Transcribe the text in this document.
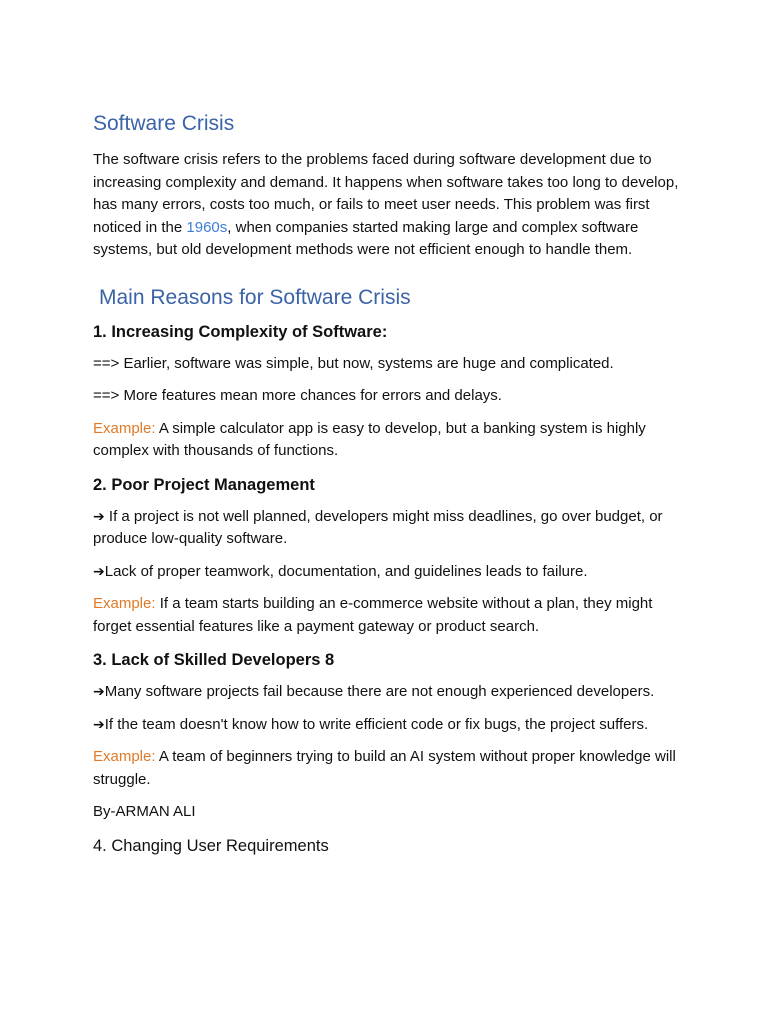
Software Crisis

The software crisis refers to the problems faced during software development due to increasing complexity and demand. It happens when software takes too long to develop, has many errors, costs too much, or fails to meet user needs. This problem was first noticed in the 1960s, when companies started making large and complex software systems, but old development methods were not efficient enough to handle them.

Main Reasons for Software Crisis
1. Increasing Complexity of Software:

==> Earlier, software was simple, but now, systems are huge and complicated.

==> More features mean more chances for errors and delays.

Example: A simple calculator app is easy to develop, but a banking system is highly complex with thousands of functions.

2. Poor Project Management

➔ If a project is not well planned, developers might miss deadlines, go over budget, or produce low-quality software.

➔Lack of proper teamwork, documentation, and guidelines leads to failure.

Example: If a team starts building an e-commerce website without a plan, they might forget essential features like a payment gateway or product search.

3. Lack of Skilled Developers 8

➔Many software projects fail because there are not enough experienced developers.

➔If the team doesn't know how to write efficient code or fix bugs, the project suffers.

Example: A team of beginners trying to build an AI system without proper knowledge will struggle.

By-ARMAN ALI

4. Changing User Requirements
